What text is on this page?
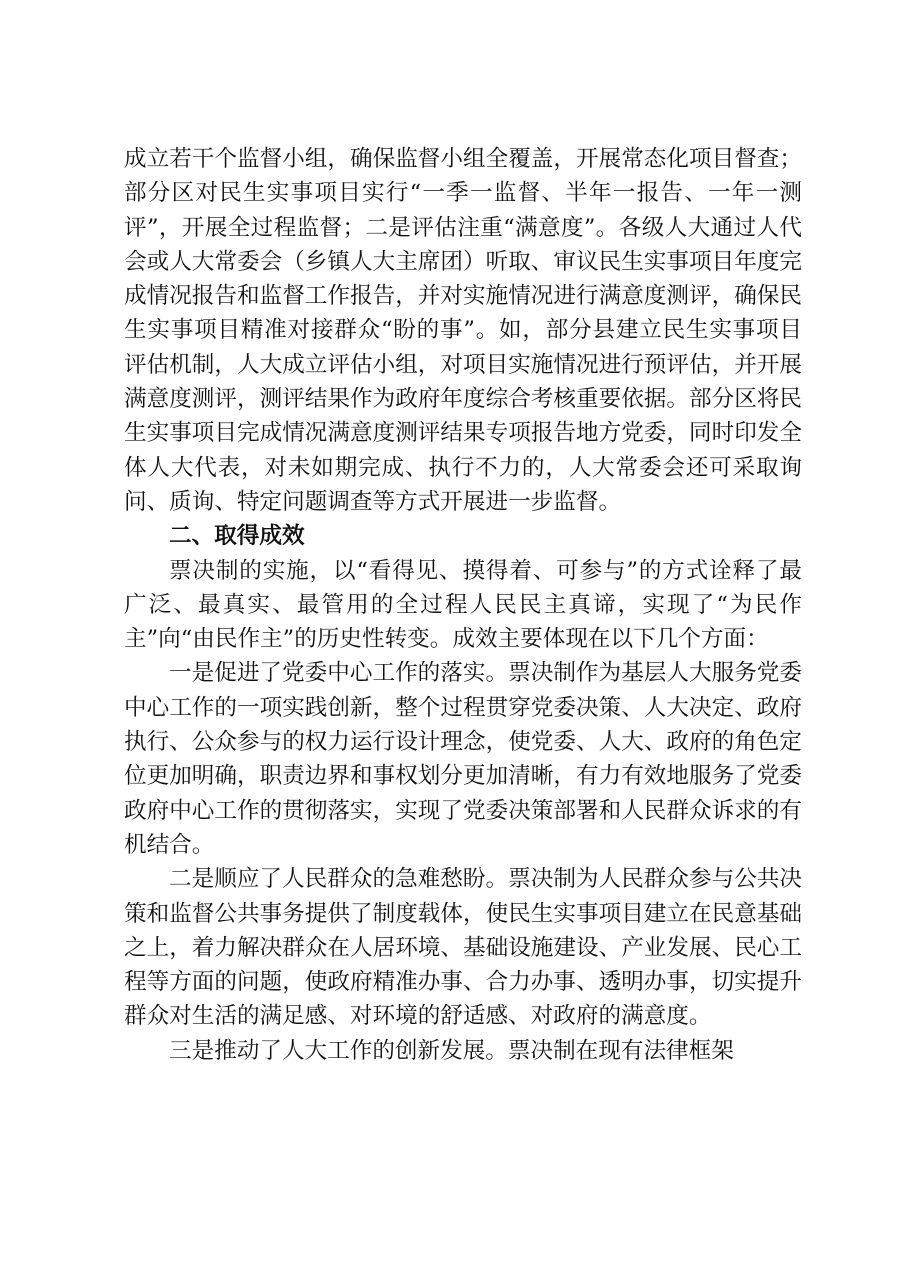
成立若干个监督小组，确保监督小组全覆盖，开展常态化项目督查；部分区对民生实事项目实行“一季一监督、半年一报告、一年一测评”，开展全过程监督；二是评估注重“满意度”。各级人大通过人代会或人大常委会（乡镇人大主席团）听取、审议民生实事项目年度完成情况报告和监督工作报告，并对实施情况进行满意度测评，确保民生实事项目精准对接群众“盼的事”。如，部分县建立民生实事项目评估机制，人大成立评估小组，对项目实施情况进行预评估，并开展满意度测评，测评结果作为政府年度综合考核重要依据。部分区将民生实事项目完成情况满意度测评结果专项报告地方党委，同时印发全体人大代表，对未如期完成、执行不力的，人大常委会还可采取询问、质询、特定问题调查等方式开展进一步监督。

二、取得成效

票决制的实施，以“看得见、摸得着、可参与”的方式诠释了最广泛、最真实、最管用的全过程人民民主真谛，实现了“为民作主”向“由民作主”的历史性转变。成效主要体现在以下几个方面：

一是促进了党委中心工作的落实。票决制作为基层人大服务党委中心工作的一项实践创新，整个过程贯穿党委决策、人大决定、政府执行、公众参与的权力运行设计理念，使党委、人大、政府的角色定位更加明确，职责边界和事权划分更加清晰，有力有效地服务了党委政府中心工作的贯彻落实，实现了党委决策部署和人民群众诉求的有机结合。

二是顺应了人民群众的急难愁盼。票决制为人民群众参与公共决策和监督公共事务提供了制度载体，使民生实事项目建立在民意基础之上，着力解决群众在人居环境、基础设施建设、产业发展、民心工程等方面的问题，使政府精准办事、合力办事、透明办事，切实提升群众对生活的满足感、对环境的舒适感、对政府的满意度。

三是推动了人大工作的创新发展。票决制在现有法律框架
